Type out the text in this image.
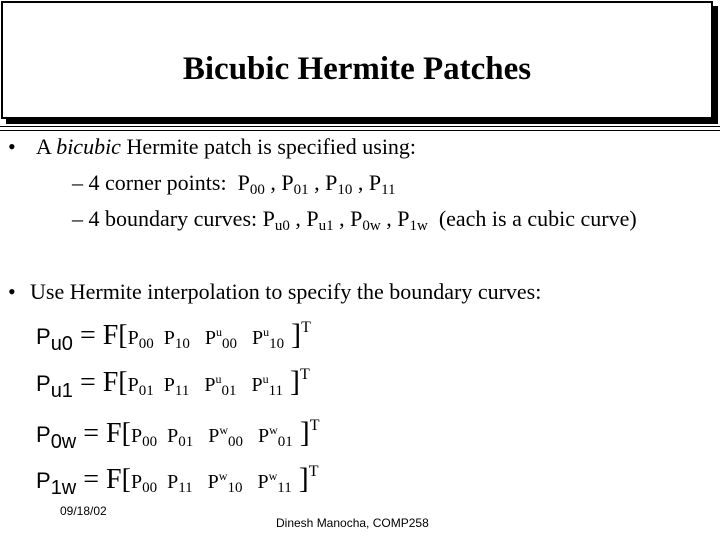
Bicubic Hermite Patches
• A bicubic Hermite patch is specified using:
– 4 corner points: P00 , P01 , P10 , P11
– 4 boundary curves: Pu0 , Pu1 , P0w , P1w (each is a cubic curve)
• Use Hermite interpolation to specify the boundary curves:
$P_{u0} = F[P_{00}$  $P_{10}$   $P^u_{00}$   $P^u_{10}$ ]$^T$
$P_{u1} = F[P_{01}$  $P_{11}$   $P^u_{01}$   $P^u_{11}$ ]$^T$
$P_{0w} = F[P_{00}$  $P_{01}$   $P^w_{00}$   $P^w_{01}$ ]$^T$
$P_{1w} = F[P_{00}$  $P_{11}$   $P^w_{10}$   $P^w_{11}$ ]$^T$
09/18/02
Dinesh Manocha, COMP258
